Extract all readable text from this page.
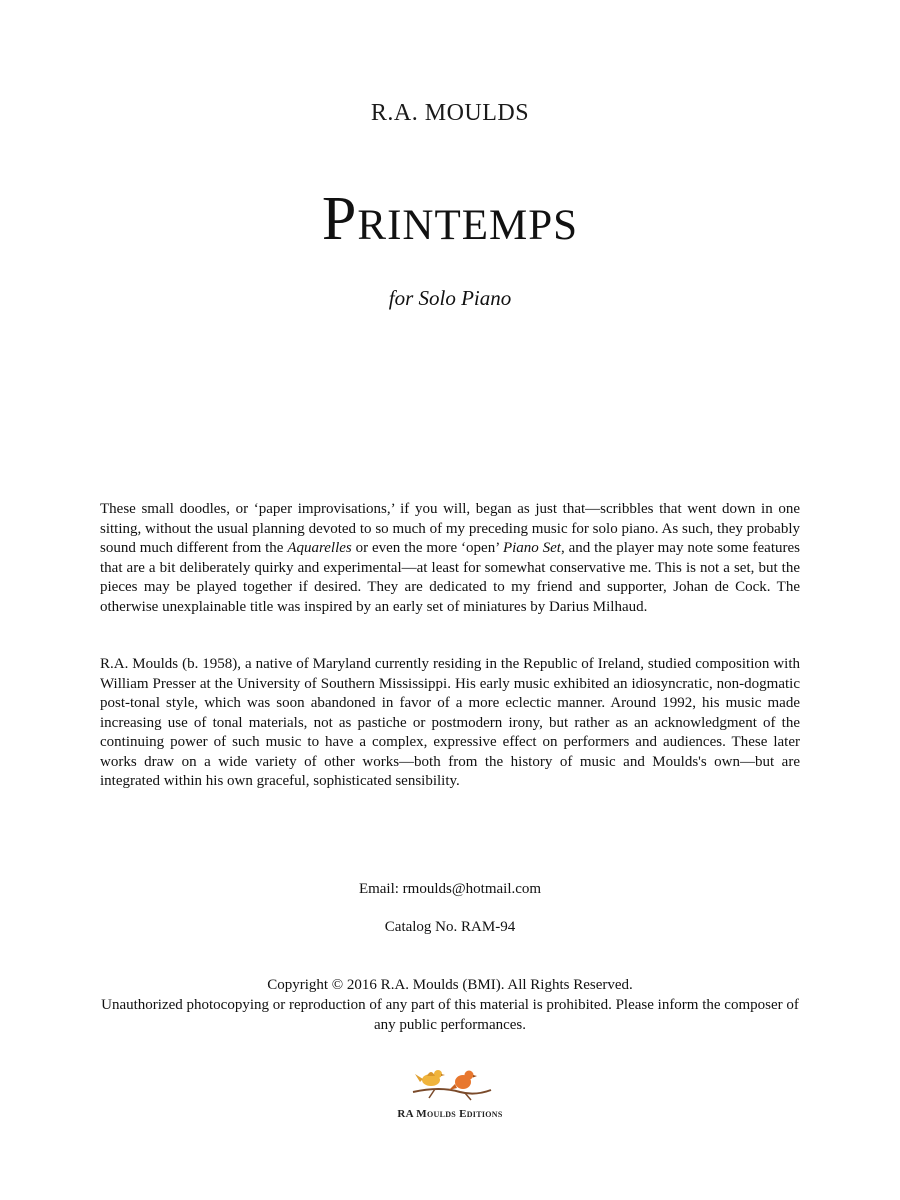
R.A. MOULDS
Printemps
for Solo Piano
These small doodles, or ‘paper improvisations,’ if you will, began as just that—scribbles that went down in one sitting, without the usual planning devoted to so much of my preceding music for solo piano. As such, they probably sound much different from the Aquarelles or even the more ‘open’ Piano Set, and the player may note some features that are a bit deliberately quirky and experimental—at least for somewhat conservative me. This is not a set, but the pieces may be played together if desired. They are dedicated to my friend and supporter, Johan de Cock. The otherwise unexplainable title was inspired by an early set of miniatures by Darius Milhaud.
R.A. Moulds (b. 1958), a native of Maryland currently residing in the Republic of Ireland, studied composition with William Presser at the University of Southern Mississippi. His early music exhibited an idiosyncratic, non-dogmatic post-tonal style, which was soon abandoned in favor of a more eclectic manner. Around 1992, his music made increasing use of tonal materials, not as pastiche or postmodern irony, but rather as an acknowledgment of the continuing power of such music to have a complex, expressive effect on performers and audiences. These later works draw on a wide variety of other works—both from the history of music and Moulds's own—but are integrated within his own graceful, sophisticated sensibility.
Email: rmoulds@hotmail.com
Catalog No. RAM-94
Copyright © 2016 R.A. Moulds (BMI). All Rights Reserved.
Unauthorized photocopying or reproduction of any part of this material is prohibited. Please inform the composer of any public performances.
RA Moulds Editions
